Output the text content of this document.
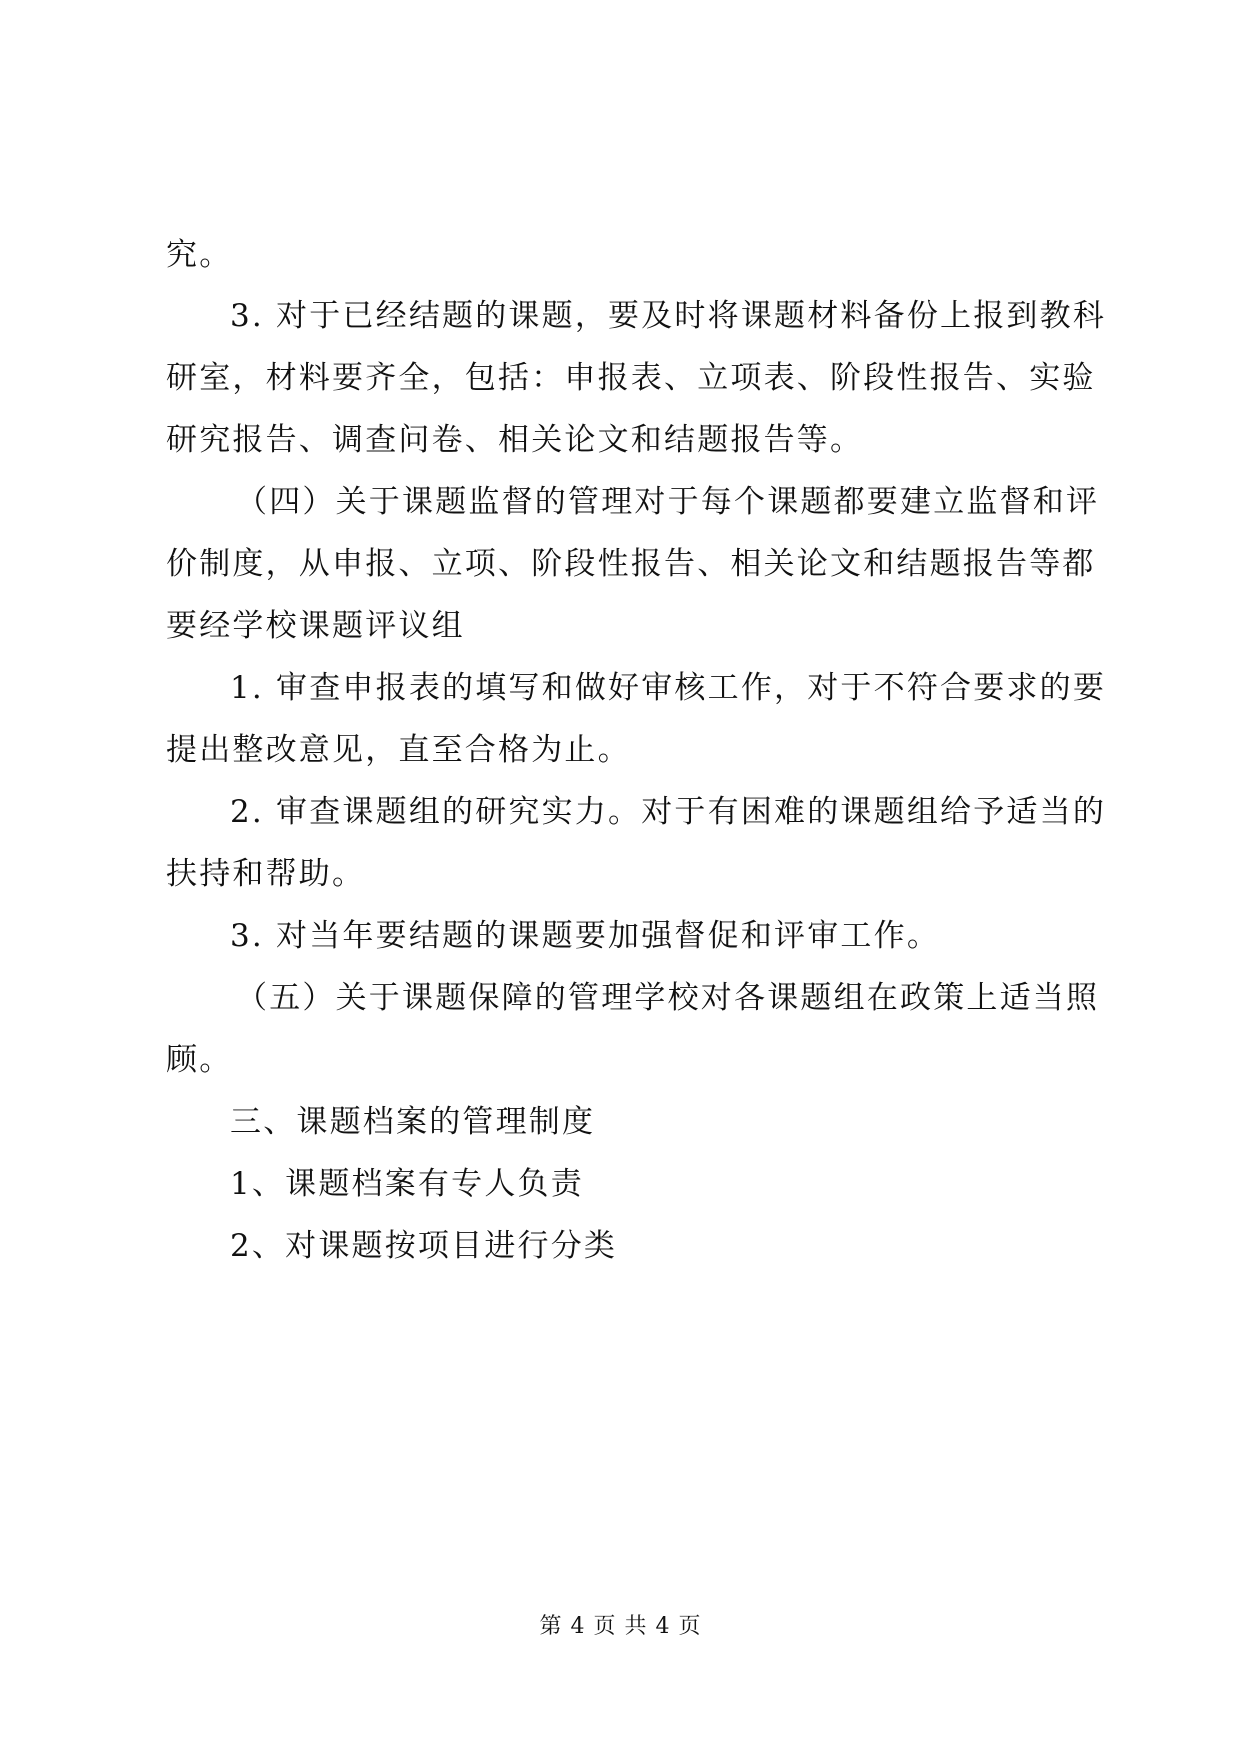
究。
3. 对于已经结题的课题，要及时将课题材料备份上报到教科
研室，材料要齐全，包括：申报表、立项表、阶段性报告、实验
研究报告、调查问卷、相关论文和结题报告等。
（四）关于课题监督的管理对于每个课题都要建立监督和评
价制度，从申报、立项、阶段性报告、相关论文和结题报告等都
要经学校课题评议组
1. 审查申报表的填写和做好审核工作，对于不符合要求的要
提出整改意见，直至合格为止。
2. 审查课题组的研究实力。对于有困难的课题组给予适当的
扶持和帮助。
3. 对当年要结题的课题要加强督促和评审工作。
（五）关于课题保障的管理学校对各课题组在政策上适当照
顾。
三、课题档案的管理制度
1、课题档案有专人负责
2、对课题按项目进行分类
第 4 页 共 4 页
